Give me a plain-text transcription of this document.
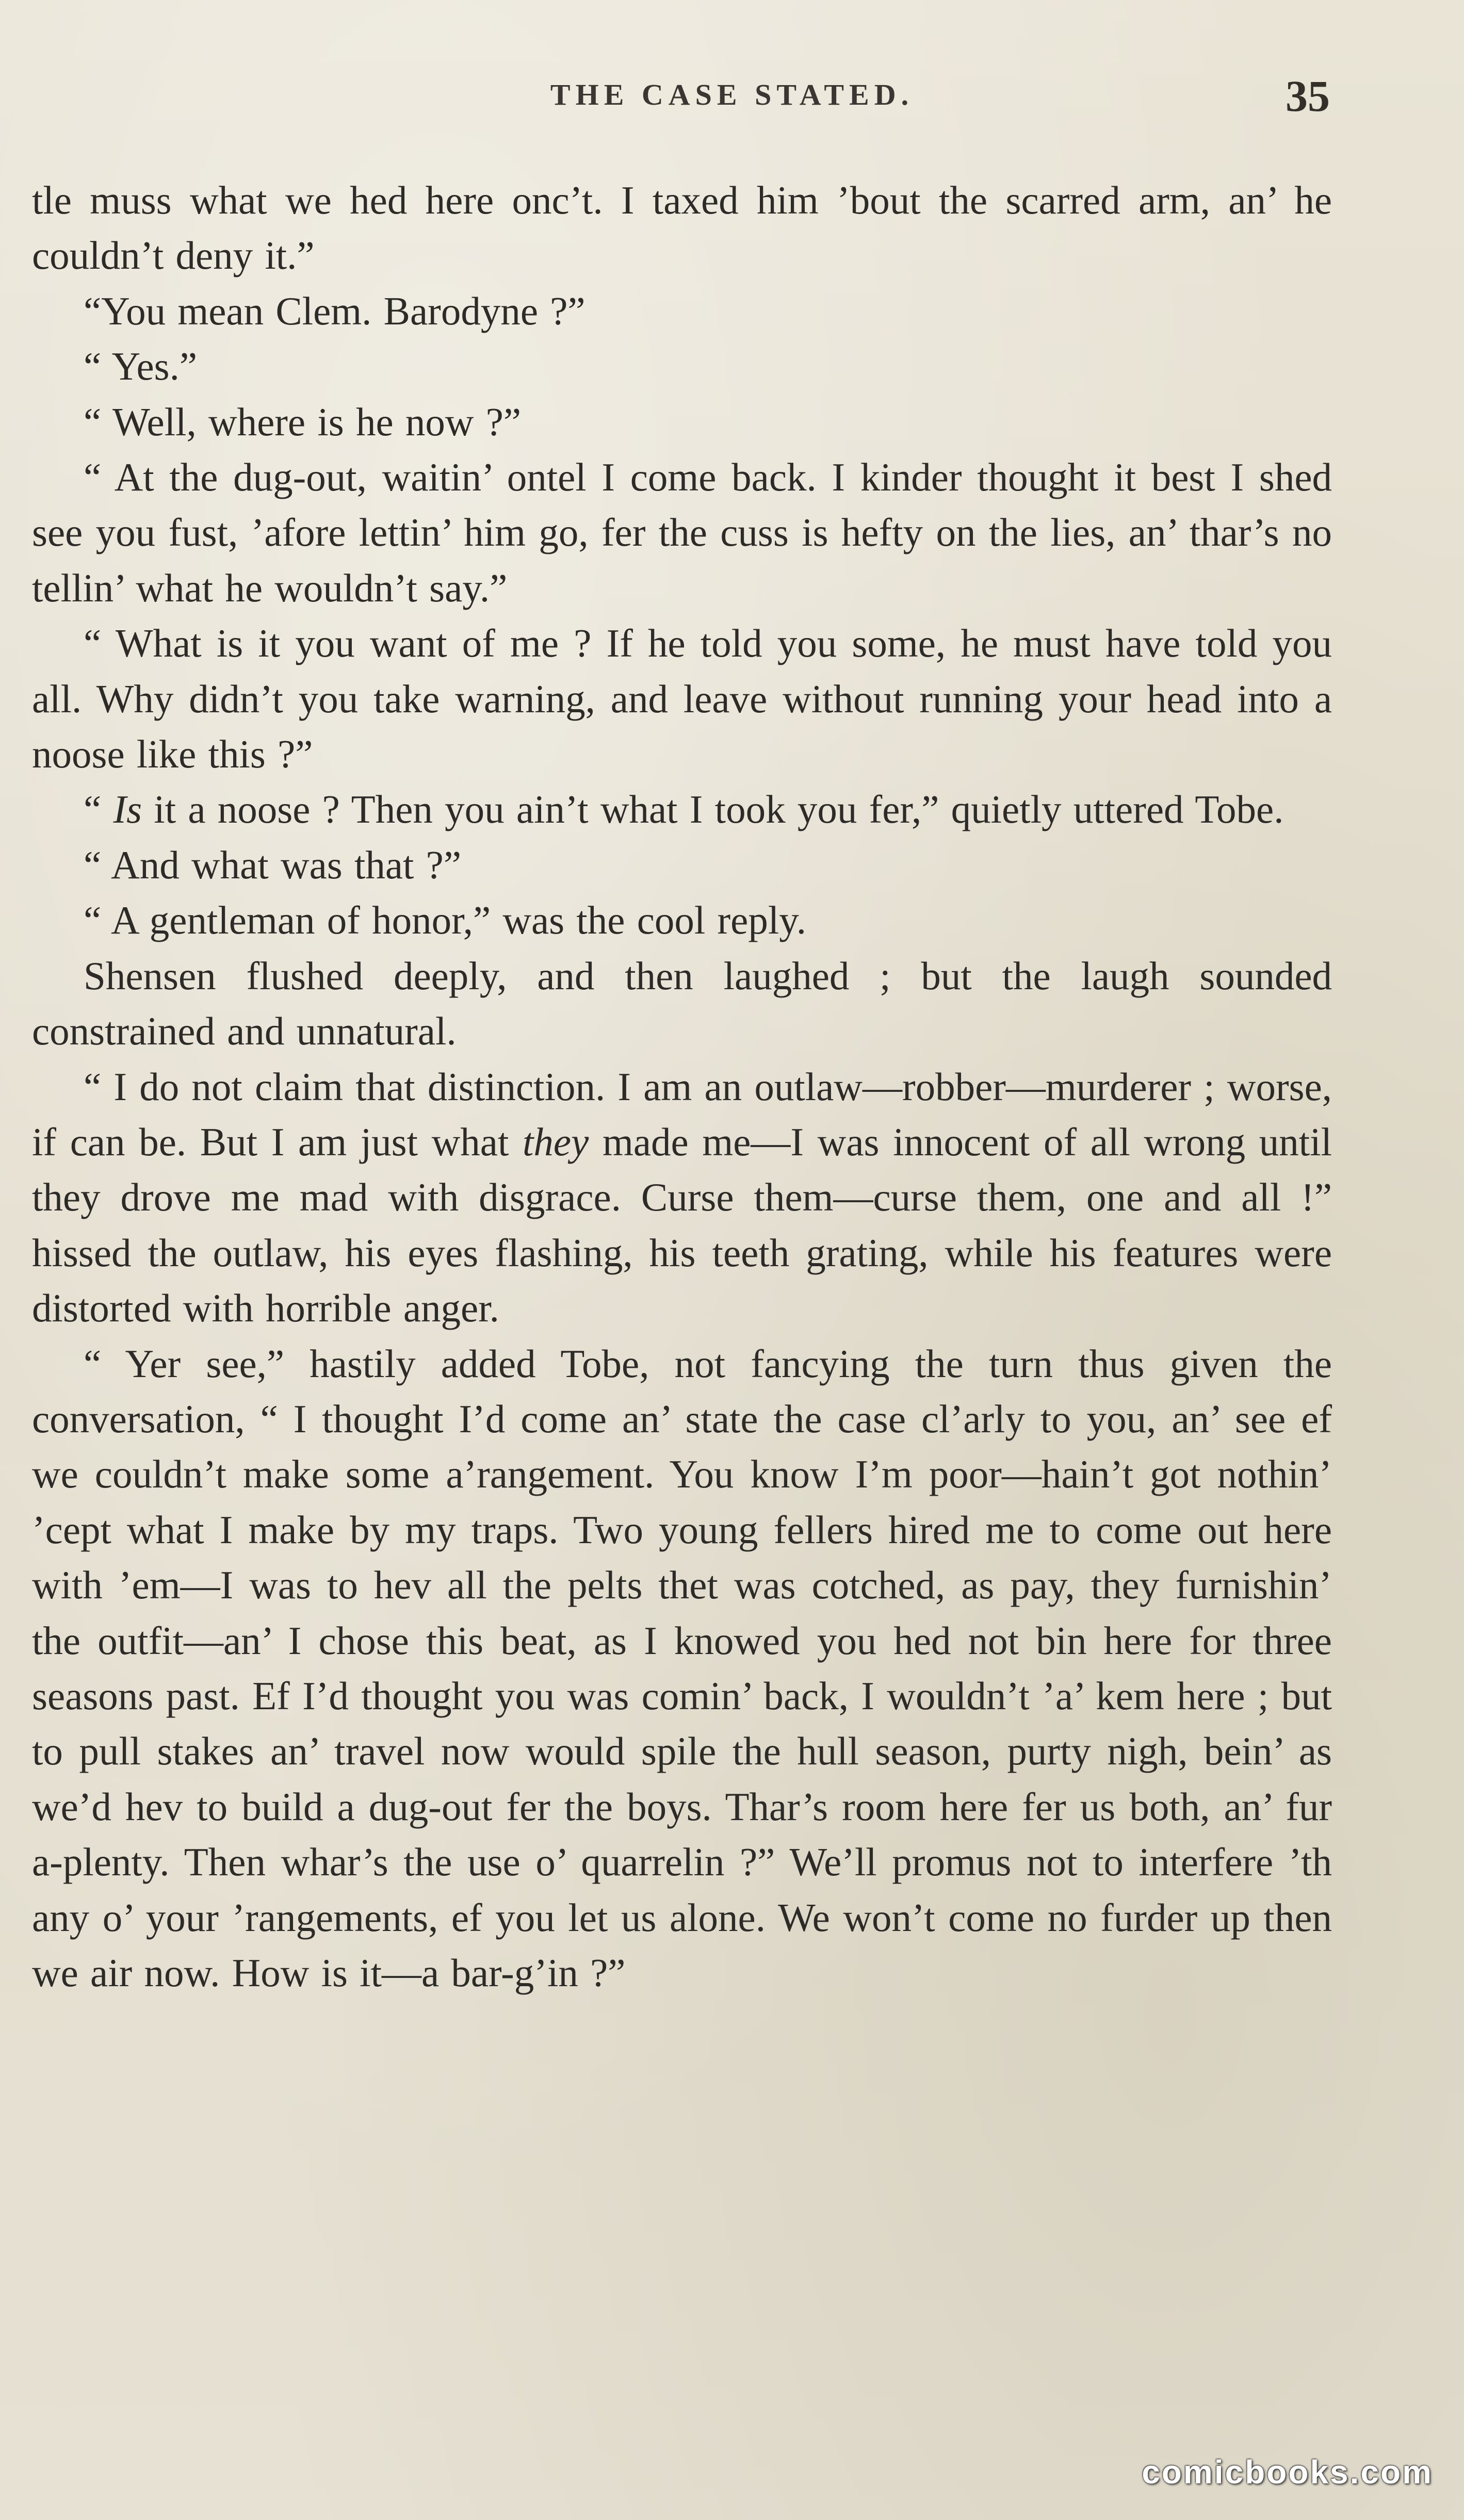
THE CASE STATED.	35

tle muss what we hed here onc’t. I taxed him ’bout the scarred arm, an’ he couldn’t deny it.”

“You mean Clem. Barodyne ?”

“ Yes.”

“ Well, where is he now ?”

“ At the dug-out, waitin’ ontel I come back. I kinder thought it best I shed see you fust, ’afore lettin’ him go, fer the cuss is hefty on the lies, an’ thar’s no tellin’ what he wouldn’t say.”

“ What is it you want of me ? If he told you some, he must have told you all. Why didn’t you take warning, and leave without running your head into a noose like this ?”

“ Is it a noose ? Then you ain’t what I took you fer,” quietly uttered Tobe.

“ And what was that ?”

“ A gentleman of honor,” was the cool reply.

Shensen flushed deeply, and then laughed ; but the laugh sounded constrained and unnatural.

“ I do not claim that distinction. I am an outlaw—robber—murderer ; worse, if can be. But I am just what they made me—I was innocent of all wrong until they drove me mad with disgrace. Curse them—curse them, one and all !” hissed the outlaw, his eyes flashing, his teeth grating, while his features were distorted with horrible anger.

“ Yer see,” hastily added Tobe, not fancying the turn thus given the conversation, “ I thought I’d come an’ state the case cl’arly to you, an’ see ef we couldn’t make some a’rangement. You know I’m poor—hain’t got nothin’ ’cept what I make by my traps. Two young fellers hired me to come out here with ’em—I was to hev all the pelts thet was cotched, as pay, they furnishin’ the outfit—an’ I chose this beat, as I knowed you hed not bin here for three seasons past. Ef I’d thought you was comin’ back, I wouldn’t ’a’ kem here ; but to pull stakes an’ travel now would spile the hull season, purty nigh, bein’ as we’d hev to build a dug-out fer the boys. Thar’s room here fer us both, an’ fur a-plenty. Then whar’s the use o’ quarrelin ?” We’ll promus not to interfere ’th any o’ your ’rangements, ef you let us alone. We won’t come no furder up then we air now. How is it—a bar-g’in ?”

comicbooks.com
